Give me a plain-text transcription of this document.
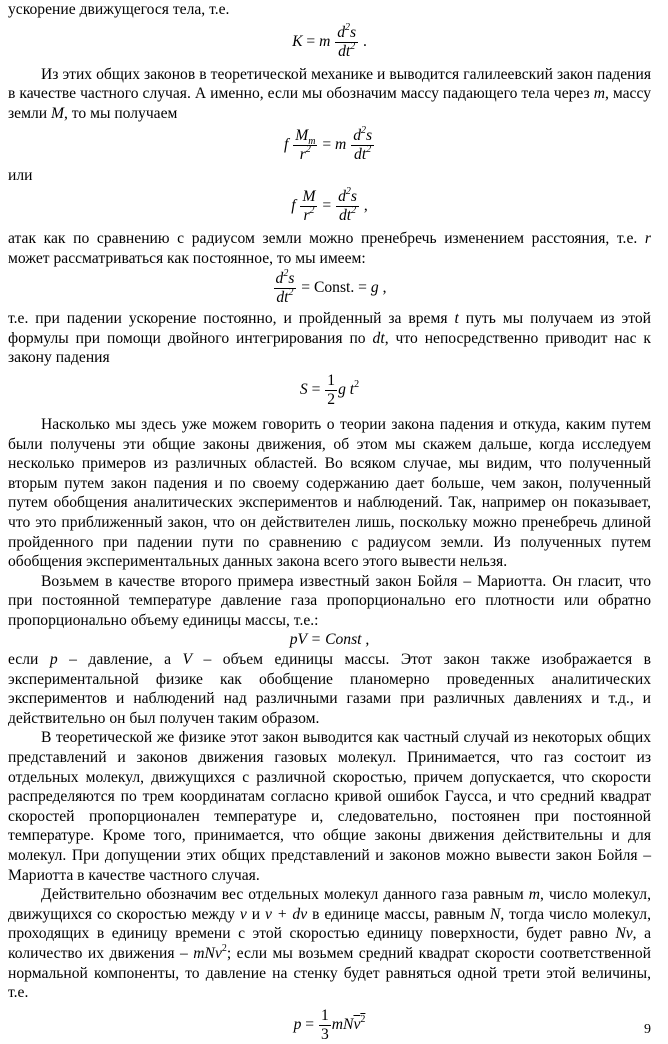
ускорение движущегося тела, т.е.

K = m $\frac{d^2s}{dt^2}$ .

Из этих общих законов в теоретической механике и выводится галилеевский закон падения в качестве частного случая. А именно, если мы обозначим массу падающего тела через m, массу земли M, то мы получаем

f $\frac{M_m}{r^2} = m \frac{d^2s}{dt^2}$

или

f $\frac{M}{r^2} = \frac{d^2s}{dt^2}$ ,

атак как по сравнению с радиусом земли можно пренебречь изменением расстояния, т.е. r может рассматриваться как постоянное, то мы имеем:

$\frac{d^2s}{dt^2}$ = Const. = g ,

т.е. при падении ускорение постоянно, и пройденный за время t путь мы получаем из этой формулы при помощи двойного интегрирования по dt, что непосредственно приводит нас к закону падения

$S = \frac{1}{2}$ g $t^2$

Насколько мы здесь уже можем говорить о теории закона падения и откуда, каким путем были получены эти общие законы движения, об этом мы скажем дальше, когда исследуем несколько примеров из различных областей. Во всяком случае, мы видим, что полученный вторым путем закон падения и по своему содержанию дает больше, чем закон, полученный путем обобщения аналитических экспериментов и наблюдений. Так, например он показывает, что это приближенный закон, что он действителен лишь, поскольку можно пренебречь длиной пройденного при падении пути по сравнению с радиусом земли. Из полученных путем обобщения экспериментальных данных закона всего этого вывести нельзя.

Возьмем в качестве второго примера известный закон Бойля – Мариотта. Он гласит, что при постоянной температуре давление газа пропорционально его плотности или обратно пропорционально объему единицы массы, т.е.:

pV = Const ,

если p – давление, а V – объем единицы массы. Этот закон также изображается в экспериментальной физике как обобщение планомерно проведенных аналитических экспериментов и наблюдений над различными газами при различных давлениях и т.д., и действительно он был получен таким образом.

В теоретической же физике этот закон выводится как частный случай из некоторых общих представлений и законов движения газовых молекул. Принимается, что газ состоит из отдельных молекул, движущихся с различной скоростью, причем допускается, что скорости распределяются по трем координатам согласно кривой ошибок Гаусса, и что средний квадрат скоростей пропорционален температуре и, следовательно, постоянен при постоянной температуре. Кроме того, принимается, что общие законы движения действительны и для молекул. При допущении этих общих представлений и законов можно вывести закон Бойля – Мариотта в качестве частного случая.

Действительно обозначим вес отдельных молекул данного газа равным m, число молекул, движущихся со скоростью между v и v + dv в единице массы, равным N, тогда число молекул, проходящих в единицу времени с этой скоростью единицу поверхности, будет равно Nv, а количество их движения – mNv$^2$; если мы возьмем средний квадрат скорости соответственной нормальной компоненты, то давление на стенку будет равняться одной трети этой величины, т.е.

$p = \frac{1}{3} mNv^2$
9
